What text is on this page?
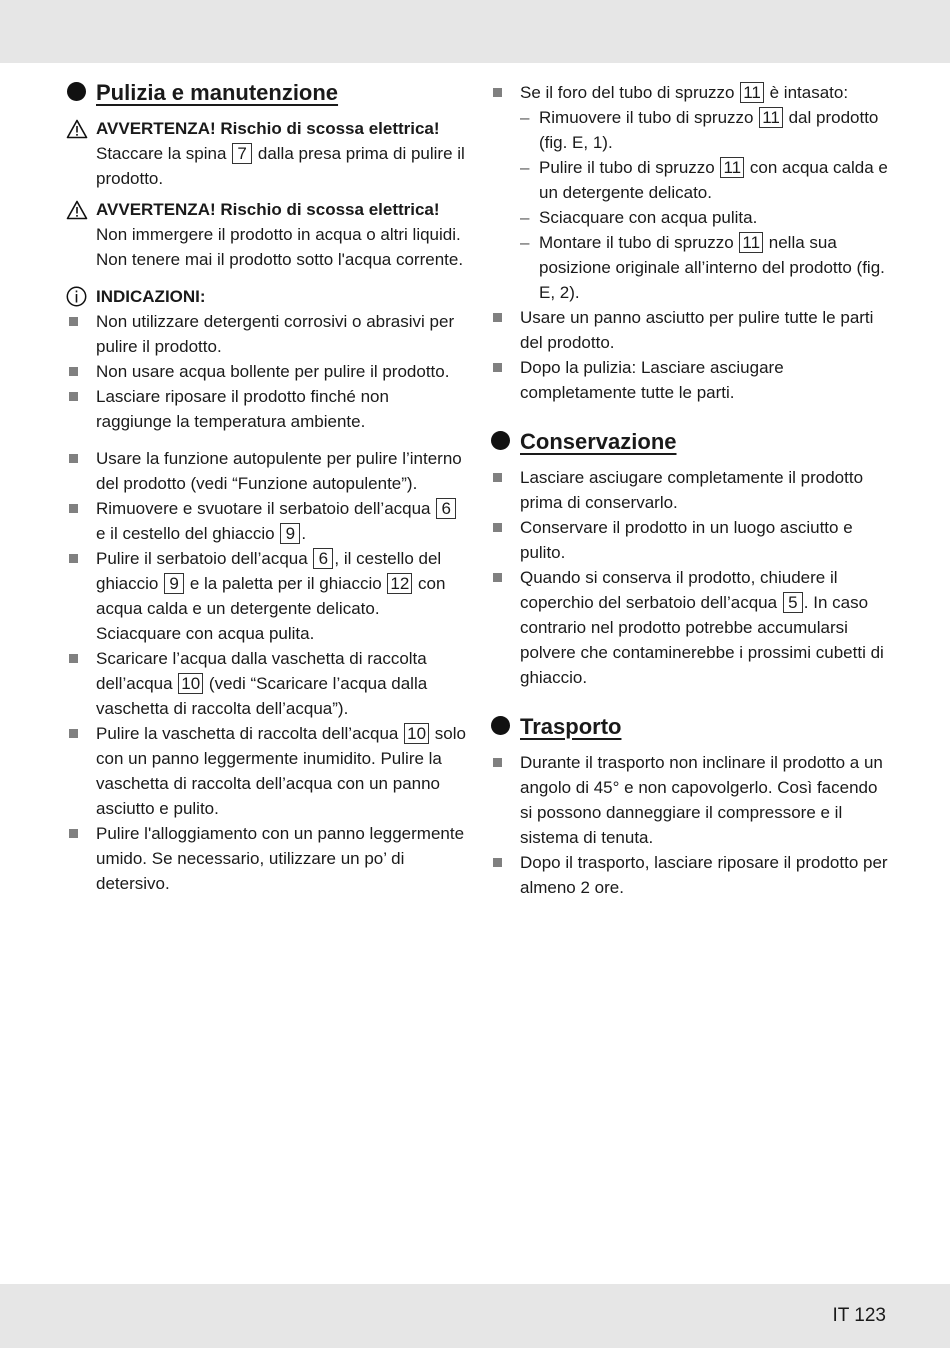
Pulizia e manutenzione
AVVERTENZA! Rischio di scossa elettrica! Staccare la spina 7 dalla presa prima di pulire il prodotto.
AVVERTENZA! Rischio di scossa elettrica! Non immergere il prodotto in acqua o altri liquidi. Non tenere mai il prodotto sotto l'acqua corrente.
INDICAZIONI:
Non utilizzare detergenti corrosivi o abrasivi per pulire il prodotto.
Non usare acqua bollente per pulire il prodotto.
Lasciare riposare il prodotto finché non raggiunge la temperatura ambiente.
Usare la funzione autopulente per pulire l’interno del prodotto (vedi “Funzione autopulente”).
Rimuovere e svuotare il serbatoio dell’acqua 6 e il cestello del ghiaccio 9 .
Pulire il serbatoio dell’acqua 6 , il cestello del ghiaccio 9 e la paletta per il ghiaccio 12 con acqua calda e un detergente delicato. Sciacquare con acqua pulita.
Scaricare l’acqua dalla vaschetta di raccolta dell’acqua 10 (vedi “Scaricare l’acqua dalla vaschetta di raccolta dell’acqua”).
Pulire la vaschetta di raccolta dell’acqua 10 solo con un panno leggermente inumidito. Pulire la vaschetta di raccolta dell’acqua con un panno asciutto e pulito.
Pulire l'alloggiamento con un panno leggermente umido. Se necessario, utilizzare un po’ di detersivo.
Se il foro del tubo di spruzzo 11 è intasato:
– Rimuovere il tubo di spruzzo 11 dal prodotto (fig. E, 1).
– Pulire il tubo di spruzzo 11 con acqua calda e un detergente delicato.
– Sciacquare con acqua pulita.
– Montare il tubo di spruzzo 11 nella sua posizione originale all’interno del prodotto (fig. E, 2).
Usare un panno asciutto per pulire tutte le parti del prodotto.
Dopo la pulizia: Lasciare asciugare completamente tutte le parti.
Conservazione
Lasciare asciugare completamente il prodotto prima di conservarlo.
Conservare il prodotto in un luogo asciutto e pulito.
Quando si conserva il prodotto, chiudere il coperchio del serbatoio dell’acqua 5 . In caso contrario nel prodotto potrebbe accumularsi polvere che contaminerebbe i prossimi cubetti di ghiaccio.
Trasporto
Durante il trasporto non inclinare il prodotto a un angolo di 45° e non capovolgerlo. Così facendo si possono danneggiare il compressore e il sistema di tenuta.
Dopo il trasporto, lasciare riposare il prodotto per almeno 2 ore.
IT 123
